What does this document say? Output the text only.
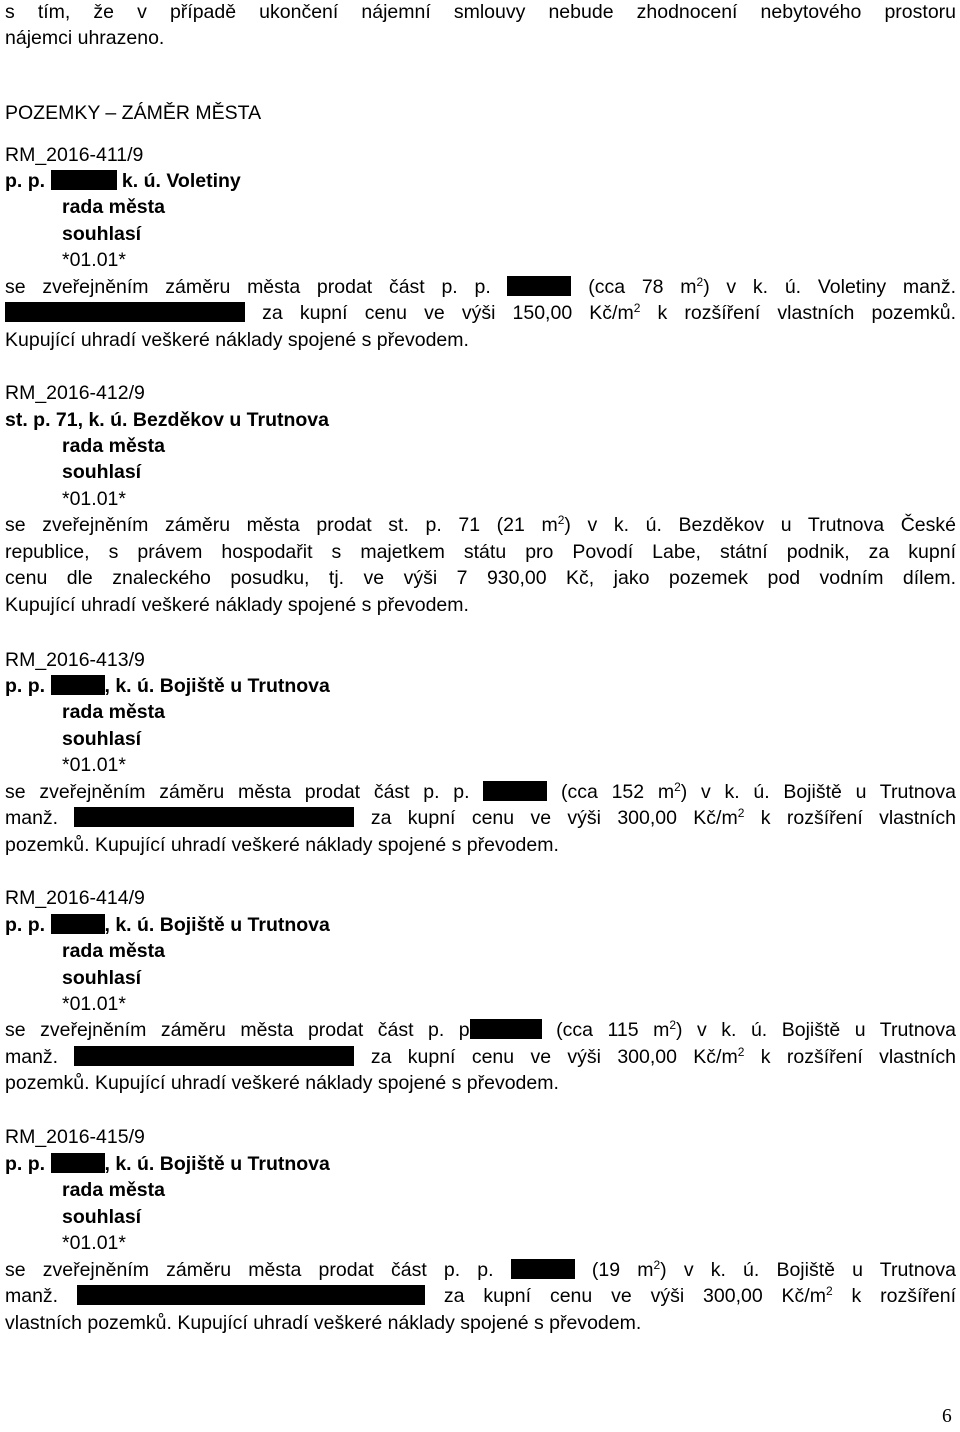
s tím, že v případě ukončení nájemní smlouvy nebude zhodnocení nebytového prostoru
nájemci uhrazeno.
POZEMKY – ZÁMĚR MĚSTA
RM_2016-411/9
p. p.	k. ú. Voletiny
rada města
souhlasí
*01.01*
se zveřejněním záměru města prodat část p. p.	(cca 78 $m^2$) v k. ú. Voletiny manž.
za kupní cenu ve výši 150,00 $Kč/m^2$ k rozšíření vlastních pozemků.
Kupující uhradí veškeré náklady spojené s převodem.
RM_2016-412/9
st. p. 71, k. ú. Bezděkov u Trutnova
rada města
souhlasí
*01.01*
se zveřejněním záměru města prodat st. p. 71 (21 $m^2$) v k. ú. Bezděkov u Trutnova České
republice, s právem hospodařit s majetkem státu pro Povodí Labe, státní podnik, za kupní
cenu dle znaleckého posudku, tj. ve výši 7 930,00 Kč, jako pozemek pod vodním dílem.
Kupující uhradí veškeré náklady spojené s převodem.
RM_2016-413/9
p. p.	, k. ú. Bojiště u Trutnova
rada města
souhlasí
*01.01*
se zveřejněním záměru města prodat část p. p.	(cca 152 $m^2$) v k. ú. Bojiště u Trutnova
manž.	za kupní cenu ve výši 300,00 $Kč/m^2$ k rozšíření vlastních
pozemků. Kupující uhradí veškeré náklady spojené s převodem.
RM_2016-414/9
p. p.	, k. ú. Bojiště u Trutnova
rada města
souhlasí
*01.01*
se zveřejněním záměru města prodat část p. p	(cca 115 $m^2$) v k. ú. Bojiště u Trutnova
manž.	za kupní cenu ve výši 300,00 $Kč/m^2$ k rozšíření vlastních
pozemků. Kupující uhradí veškeré náklady spojené s převodem.
RM_2016-415/9
p. p.	, k. ú. Bojiště u Trutnova
rada města
souhlasí
*01.01*
se zveřejněním záměru města prodat část p. p.	(19 $m^2$) v k. ú. Bojiště u Trutnova
manž.	za kupní cenu ve výši 300,00 $Kč/m^2$ k rozšíření
vlastních pozemků. Kupující uhradí veškeré náklady spojené s převodem.
6
